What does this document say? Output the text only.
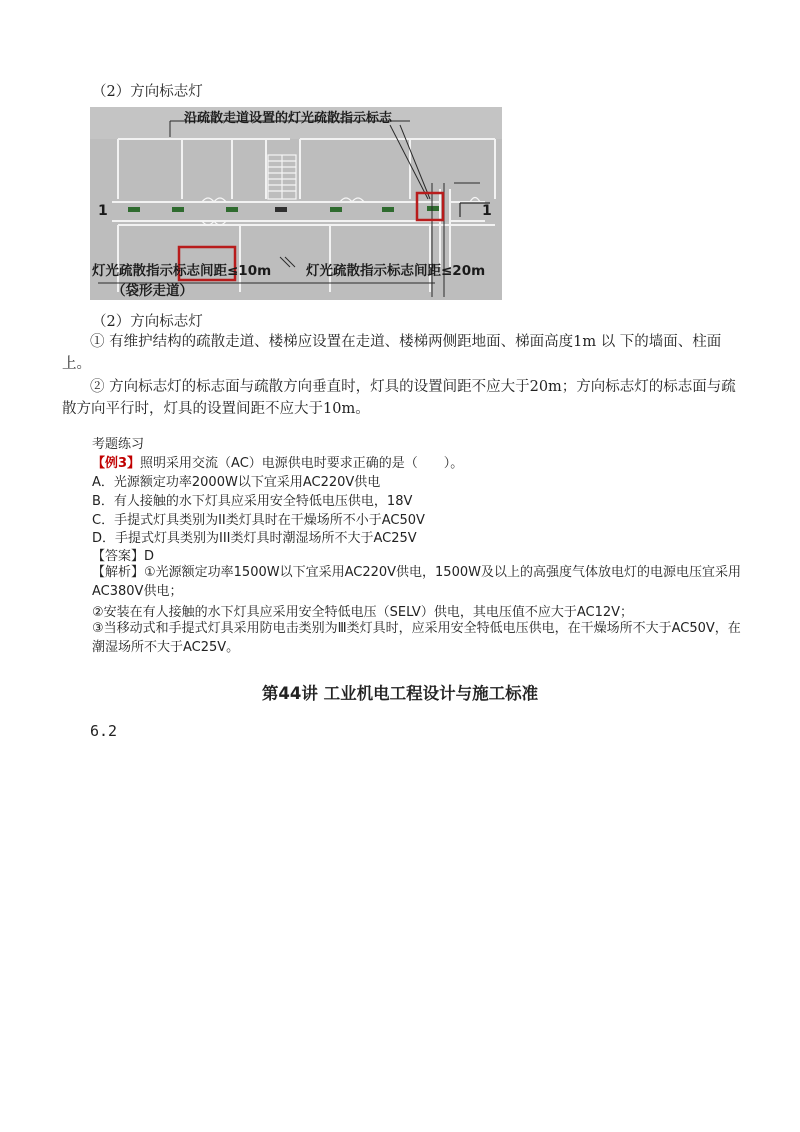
（2）方向标志灯
沿疏散走道设置的灯光疏散指示标志
1	1
灯光疏散指示标志间距≤10m
（袋形走道）
灯光疏散指示标志间距≤20m
（2）方向标志灯
① 有维护结构的疏散走道、楼梯应设置在走道、楼梯两侧距地面、梯面高度1m 以 下的墙面、柱面上。
② 方向标志灯的标志面与疏散方向垂直时，灯具的设置间距不应大于20m；方向标志灯的标志面与疏散方向平行时，灯具的设置间距不应大于10m。
考题练习
【例3】照明采用交流（AC）电源供电时要求正确的是（　　）。
A．光源额定功率2000W以下宜采用AC220V供电
B．有人接触的水下灯具应采用安全特低电压供电，18V
C．手提式灯具类别为II类灯具时在干燥场所不小于AC50V
D．手提式灯具类别为III类灯具时潮湿场所不大于AC25V
【答案】D
【解析】①光源额定功率1500W以下宜采用AC220V供电，1500W及以上的高强度气体放电灯的电源电压宜采用AC380V供电；
②安装在有人接触的水下灯具应采用安全特低电压（SELV）供电，其电压值不应大于AC12V；
③当移动式和手提式灯具采用防电击类别为Ⅲ类灯具时，应采用安全特低电压供电，在干燥场所不大于AC50V，在潮湿场所不大于AC25V。
第44讲 工业机电工程设计与施工标准
6.2
